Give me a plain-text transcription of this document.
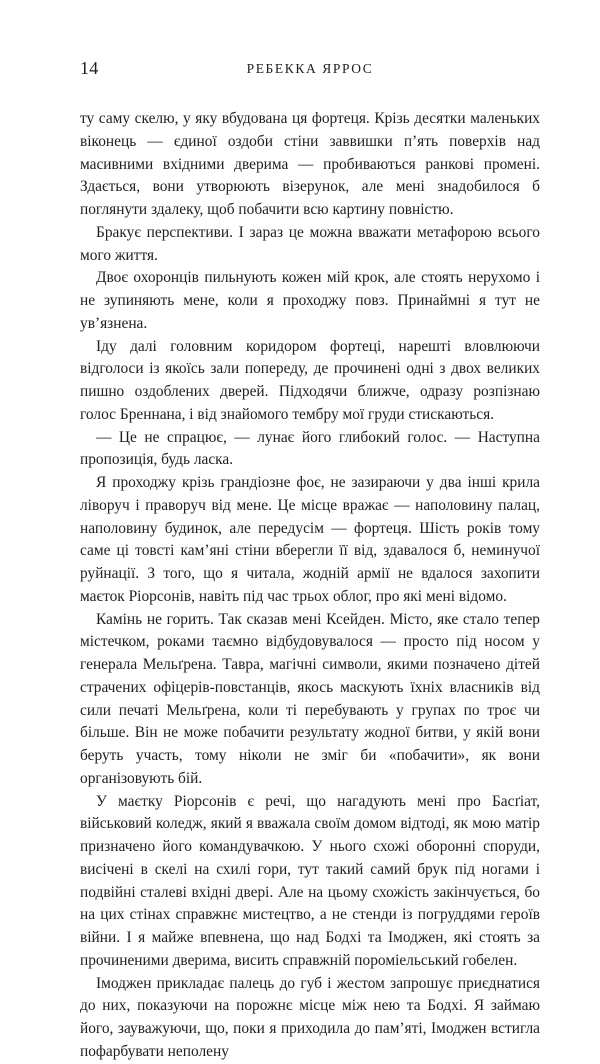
14	РЕБЕККА ЯРРОС

ту саму скелю, у яку вбудована ця фортеця. Крізь десятки маленьких віконець — єдиної оздоби стіни заввишки п’ять поверхів над масивними вхідними дверима — пробиваються ранкові промені. Здається, вони утворюють візерунок, але мені знадобилося б поглянути здалеку, щоб побачити всю картину повністю.

Бракує перспективи. І зараз це можна вважати метафорою всього мого життя.

Двоє охоронців пильнують кожен мій крок, але стоять нерухомо і не зупиняють мене, коли я проходжу повз. Принаймні я тут не ув’язнена.

Іду далі головним коридором фортеці, нарешті вловлюючи відголоси із якоїсь зали попереду, де прочинені одні з двох великих пишно оздоблених дверей. Підходячи ближче, одразу розпізнаю голос Бреннана, і від знайомого тембру мої груди стискаються.

— Це не спрацює, — лунає його глибокий голос. — Наступна пропозиція, будь ласка.

Я проходжу крізь грандіозне фоє, не зазираючи у два інші крила ліворуч і праворуч від мене. Це місце вражає — наполовину палац, наполовину будинок, але передусім — фортеця. Шість років тому саме ці товсті кам’яні стіни вберегли її від, здавалося б, неминучої руйнації. З того, що я читала, жодній армії не вдалося захопити маєток Ріорсонів, навіть під час трьох облог, про які мені відомо.

Камінь не горить. Так сказав мені Ксейден. Місто, яке стало тепер містечком, роками таємно відбудовувалося — просто під носом у генерала Мельґрена. Тавра, магічні символи, якими позначено дітей страчених офіцерів-повстанців, якось маскують їхніх власників від сили печаті Мельґрена, коли ті перебувають у групах по троє чи більше. Він не може побачити результату жодної битви, у якій вони беруть участь, тому ніколи не зміг би «побачити», як вони організовують бій.

У маєтку Ріорсонів є речі, що нагадують мені про Басґіат, військовий коледж, який я вважала своїм домом відтоді, як мою матір призначено його командувачкою. У нього схожі оборонні споруди, висічені в скелі на схилі гори, тут такий самий брук під ногами і подвійні сталеві вхідні двері. Але на цьому схожість закінчується, бо на цих стінах справжнє мистецтво, а не стенди із погруддями героїв війни. І я майже впевнена, що над Бодхі та Імоджен, які стоять за прочиненими дверима, висить справжній пороміельський гобелен.

Імоджен прикладає палець до губ і жестом запрошує приєднатися до них, показуючи на порожнє місце між нею та Бодхі. Я займаю його, зауважуючи, що, поки я приходила до пам’яті, Імоджен встигла пофарбувати неполену
